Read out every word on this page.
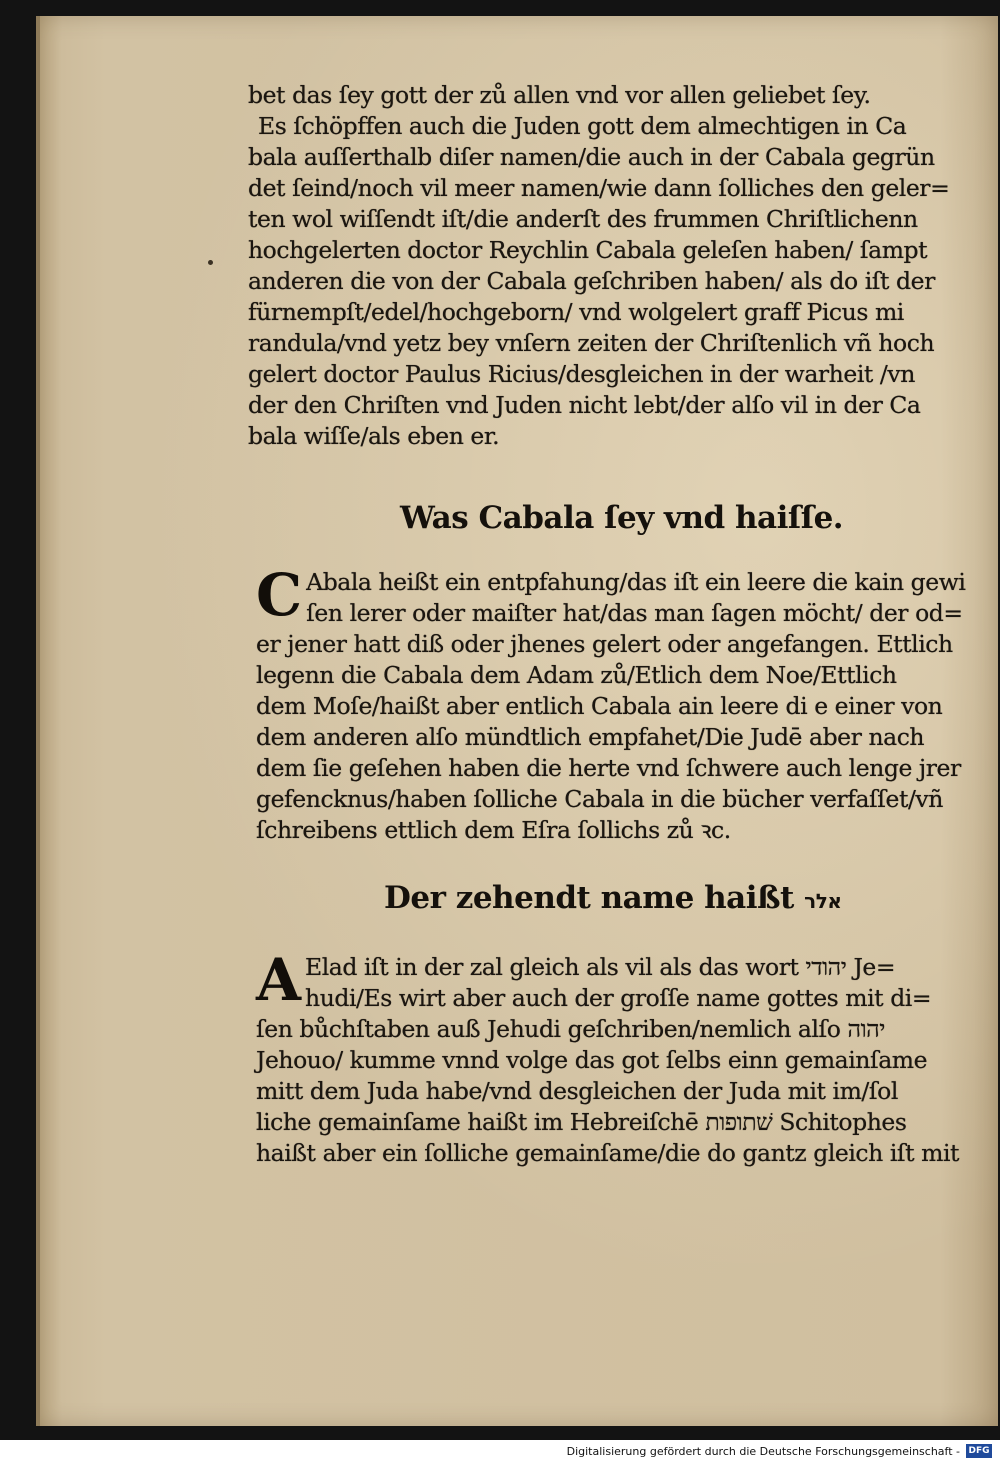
bet das ſey gott der zů allen vnd vor allen geliebet ſey.
Es ſchöpffen auch die Juden gott dem almechtigen in Ca
bala auſſerthalb diſer namen/die auch in der Cabala gegrün
det ſeind/noch vil meer namen/wie dann ſolliches den geler=
ten wol wiſſendt iſt/die anderſt des frummen Chriſtlichenn
hochgelerten doctor Reychlin Cabala geleſen haben/ ſampt
anderen die von der Cabala geſchriben haben/ als do iſt der
fürnempſt/edel/hochgeborn/ vnd wolgelert graff Picus mi
randula/vnd yetz bey vnſern zeiten der Chriſtenlich vñ hoch
gelert doctor Paulus Ricius/desgleichen in der warheit /vn
der den Chriſten vnd Juden nicht lebt/der alſo vil in der Ca
bala wiſſe/als eben er.
Was Cabala ſey vnd haiſſe.
C Abala heißt ein entpfahung/das iſt ein leere die kain gewi
ſen lerer oder maiſter hat/das man ſagen möcht/ der od=
er jener hatt diß oder jhenes gelert oder angefangen. Ettlich
legenn die Cabala dem Adam zů/Etlich dem Noe/Ettlich
dem Moſe/haißt aber entlich Cabala ain leere di e einer von
dem anderen alſo mündtlich empfahet/Die Judē aber nach
dem ſie geſehen haben die herte vnd ſchwere auch lenge jrer
gefencknus/haben ſolliche Cabala in die bücher verfaſſet/vñ
ſchreibens ettlich dem Eſra ſollichs zů ꝛc.
Der zehendt name haißt אלר
A Elad iſt in der zal gleich als vil als das wort יהודי Je=
hudi/Es wirt aber auch der groſſe name gottes mit di=
ſen bůchſtaben auß Jehudi geſchriben/nemlich alſo יהוה
Jehouo/ kumme vnnd volge das got ſelbs einn gemainſame
mitt dem Juda habe/vnd desgleichen der Juda mit im/ſol
liche gemainſame haißt im Hebreiſchē שׁתופות Schitophes
haißt aber ein ſolliche gemainſame/die do gantz gleich iſt mit
Digitalisierung gefördert durch die Deutsche Forschungsgemeinschaft - DFG
